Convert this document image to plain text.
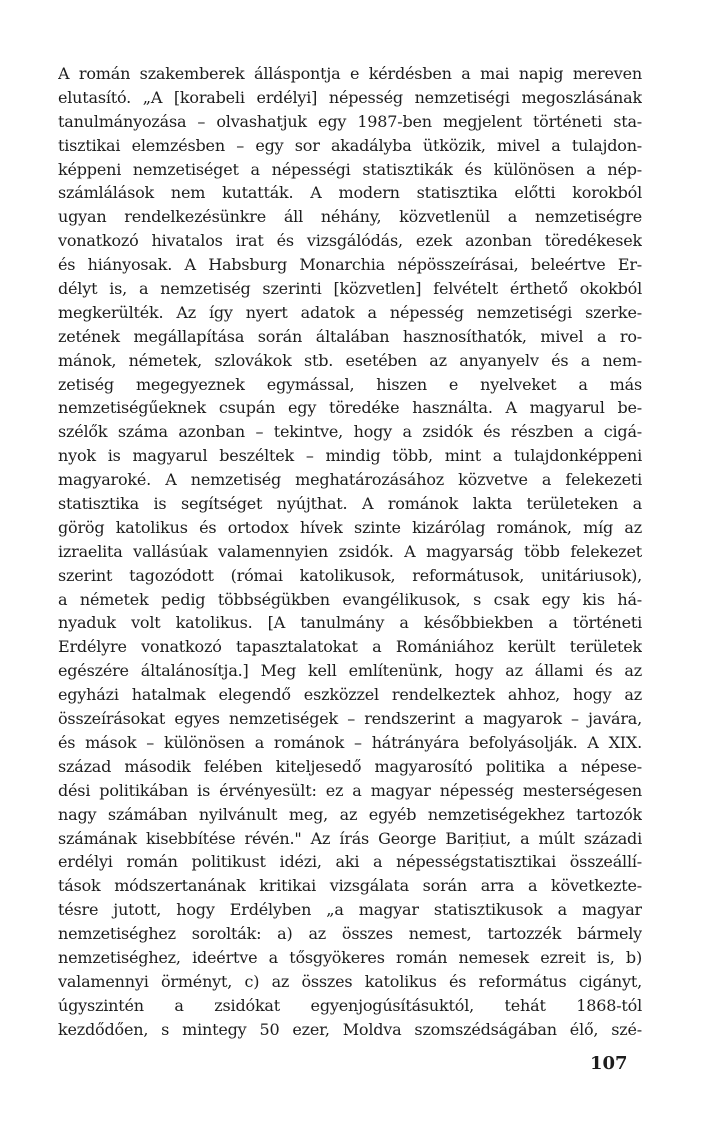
A román szakemberek álláspontja e kérdésben a mai napig mereven
elutasító. „A [korabeli erdélyi] népesség nemzetiségi megoszlásának
tanulmányozása – olvashatjuk egy 1987-ben megjelent történeti sta-
tisztikai elemzésben – egy sor akadályba ütközik, mivel a tulajdon-
képpeni nemzetiséget a népességi statisztikák és különösen a nép-
számlálások nem kutatták. A modern statisztika előtti korokból
ugyan rendelkezésünkre áll néhány, közvetlenül a nemzetiségre
vonatkozó hivatalos irat és vizsgálódás, ezek azonban töredékesek
és hiányosak. A Habsburg Monarchia népösszeírásai, beleértve Er-
délyt is, a nemzetiség szerinti [közvetlen] felvételt érthető okokból
megkerülték. Az így nyert adatok a népesség nemzetiségi szerke-
zetének megállapítása során általában hasznosíthatók, mivel a ro-
mánok, németek, szlovákok stb. esetében az anyanyelv és a nem-
zetiség megegyeznek egymással, hiszen e nyelveket a más
nemzetiségűeknek csupán egy töredéke használta. A magyarul be-
szélők száma azonban – tekintve, hogy a zsidók és részben a cigá-
nyok is magyarul beszéltek – mindig több, mint a tulajdonképpeni
magyaroké. A nemzetiség meghatározásához közvetve a felekezeti
statisztika is segítséget nyújthat. A románok lakta területeken a
görög katolikus és ortodox hívek szinte kizárólag románok, míg az
izraelita vallásúak valamennyien zsidók. A magyarság több felekezet
szerint tagozódott (római katolikusok, reformátusok, unitáriusok),
a németek pedig többségükben evangélikusok, s csak egy kis há-
nyaduk volt katolikus. [A tanulmány a későbbiekben a történeti
Erdélyre vonatkozó tapasztalatokat a Romániához került területek
egészére általánosítja.] Meg kell említenünk, hogy az állami és az
egyházi hatalmak elegendő eszközzel rendelkeztek ahhoz, hogy az
összeírásokat egyes nemzetiségek – rendszerint a magyarok – javára,
és mások – különösen a románok – hátrányára befolyásolják. A XIX.
század második felében kiteljesedő magyarosító politika a népese-
dési politikában is érvényesült: ez a magyar népesség mesterségesen
nagy számában nyilvánult meg, az egyéb nemzetiségekhez tartozók
számának kisebbítése révén." Az írás George Barițiut, a múlt századi
erdélyi román politikust idézi, aki a népességstatisztikai összeállí-
tások módszertanának kritikai vizsgálata során arra a következte-
tésre jutott, hogy Erdélyben „a magyar statisztikusok a magyar
nemzetiséghez sorolták: a) az összes nemest, tartozzék bármely
nemzetiséghez, ideértve a tősgyökeres román nemesek ezreit is, b)
valamennyi örményt, c) az összes katolikus és református cigányt,
úgyszintén a zsidókat egyenjogúsításuktól, tehát 1868-tól
kezdődően, s mintegy 50 ezer, Moldva szomszédságában élő, szé-
107
